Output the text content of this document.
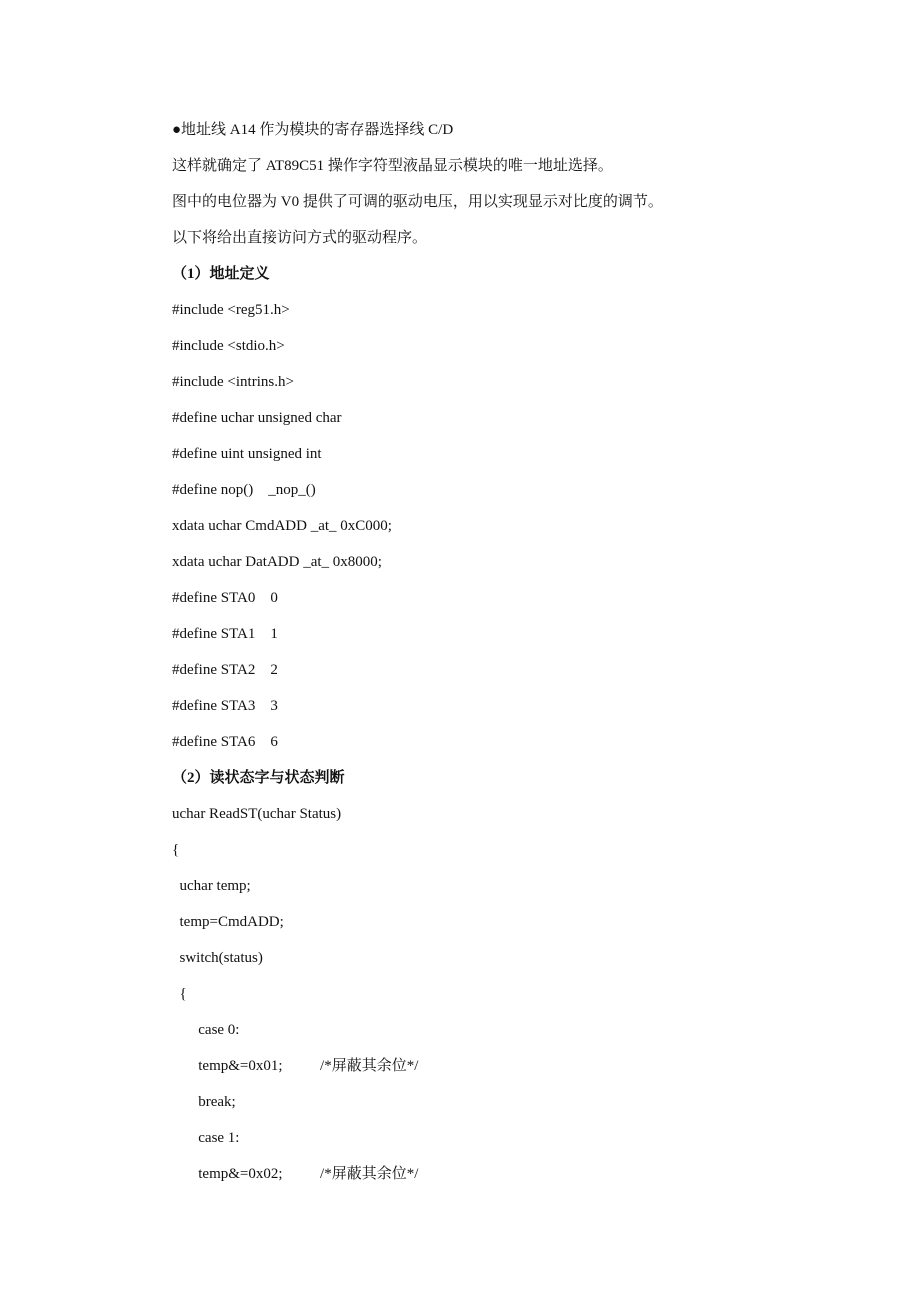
●地址线 A14 作为模块的寄存器选择线 C/D
这样就确定了 AT89C51 操作字符型液晶显示模块的唯一地址选择。
图中的电位器为 V0 提供了可调的驱动电压，用以实现显示对比度的调节。
以下将给出直接访问方式的驱动程序。
（1）地址定义
#include <reg51.h>
#include <stdio.h>
#include <intrins.h>
#define uchar unsigned char
#define uint unsigned int
#define nop()    _nop_()
xdata uchar CmdADD _at_ 0xC000;
xdata uchar DatADD _at_ 0x8000;
#define STA0    0
#define STA1    1
#define STA2    2
#define STA3    3
#define STA6    6
（2）读状态字与状态判断
uchar ReadST(uchar Status)
{
uchar temp;
temp=CmdADD;
switch(status)
{
case 0:
temp&=0x01;          /*屏蔽其余位*/
break;
case 1:
temp&=0x02;          /*屏蔽其余位*/
